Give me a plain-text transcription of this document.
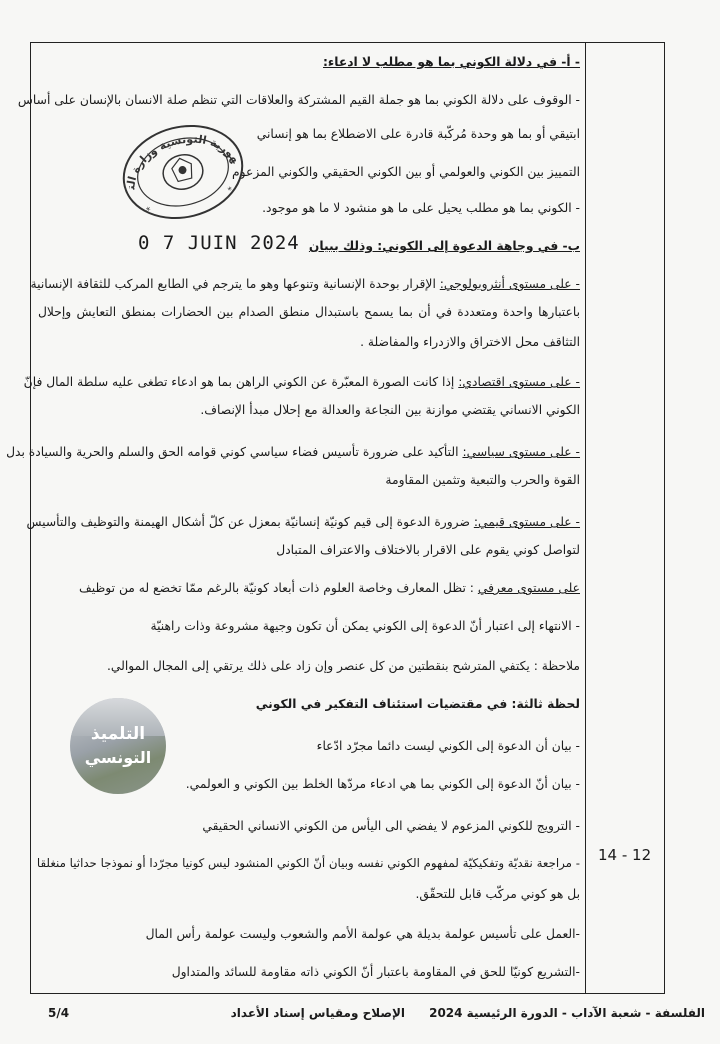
14 - 12
- أ- في دلالة الكوني بما هو مطلب لا ادعاء:
- الوقوف على دلالة الكوني بما هو جملة القيم المشتركة والعلاقات التي تنظم صلة الانسان بالإنسان على أساس
ابتيقي أو بما هو وحدة مُركّبة قادرة على الاضطلاع بما هو إنساني
التمييز بين الكوني والعولمي أو بين الكوني الحقيقي والكوني المزعوم
- الكوني بما هو مطلب يحيل على ما هو منشود لا ما هو موجود.
ب- في وجاهة الدعوة إلى الكوني: وذلك ببيان
- على مستوى أنثروبولوجي: الإقرار بوحدة الإنسانية وتنوعها وهو ما يترجم في الطابع المركب للثقافة الإنسانية
باعتبارها واحدة ومتعددة في أن بما يسمح باستبدال منطق الصدام بين الحضارات بمنطق التعايش وإحلال
التثاقف محل الاختراق والازدراء والمفاضلة .
- على مستوى اقتصادي: إذا كانت الصورة المعبّرة عن الكوني الراهن بما هو ادعاء تطغى عليه سلطة المال فإنّ
الكوني الانساني يقتضي موازنة بين النجاعة والعدالة مع إحلال مبدأ الإنصاف.
- على مستوى سياسي: التأكيد على ضرورة تأسيس فضاء سياسي كوني قوامه الحق والسلم والحرية والسيادة بدل
القوة والحرب والتبعية وتثمين المقاومة
- على مستوى قيمي: ضرورة الدعوة إلى قيم كونيّة إنسانيّة بمعزل عن كلّ أشكال الهيمنة والتوظيف والتأسيس
لتواصل كوني يقوم على الاقرار بالاختلاف والاعتراف المتبادل
على مستوى معرفي : تظل المعارف وخاصة العلوم ذات أبعاد كونيّة بالرغم ممّا تخضع له من توظيف
- الانتهاء إلى اعتبار أنّ الدعوة إلى الكوني يمكن أن تكون وجيهة مشروعة وذات راهنيّة
ملاحظة : يكتفي المترشح بنقطتين من كل عنصر وإن زاد على ذلك يرتقي إلى المجال الموالي.
لحظة ثالثة: في مقتضيات استئناف التفكير في الكوني
- بيان أن الدعوة إلى الكوني ليست دائما مجرّد ادّعاء
- بيان أنّ الدعوة إلى الكوني بما هي ادعاء مردّها الخلط بين الكوني و العولمي.
- الترويج للكوني المزعوم لا يفضي الى اليأس من الكوني الانساني الحقيقي
- مراجعة نقديّة وتفكيكيّة لمفهوم الكوني نفسه وبيان أنّ الكوني المنشود ليس كونيا مجرّدا أو نموذجا حداثيا منغلقا
بل هو كوني مركّب قابل للتحقّق.
-العمل على تأسيس عولمة بديلة هي عولمة الأمم والشعوب وليست عولمة رأس المال
-التشريع كونيّا للحق في المقاومة باعتبار أنّ الكوني ذاته مقاومة للسائد والمتداول
الجمهورية التونسية وزارة التربية
*
*
0 7 JUIN 2024
التلميذ
التونسي
الفلسفة - شعبة الآداب - الدورة الرئيسية 2024
الإصلاح ومقياس إسناد الأعداد
5/4
